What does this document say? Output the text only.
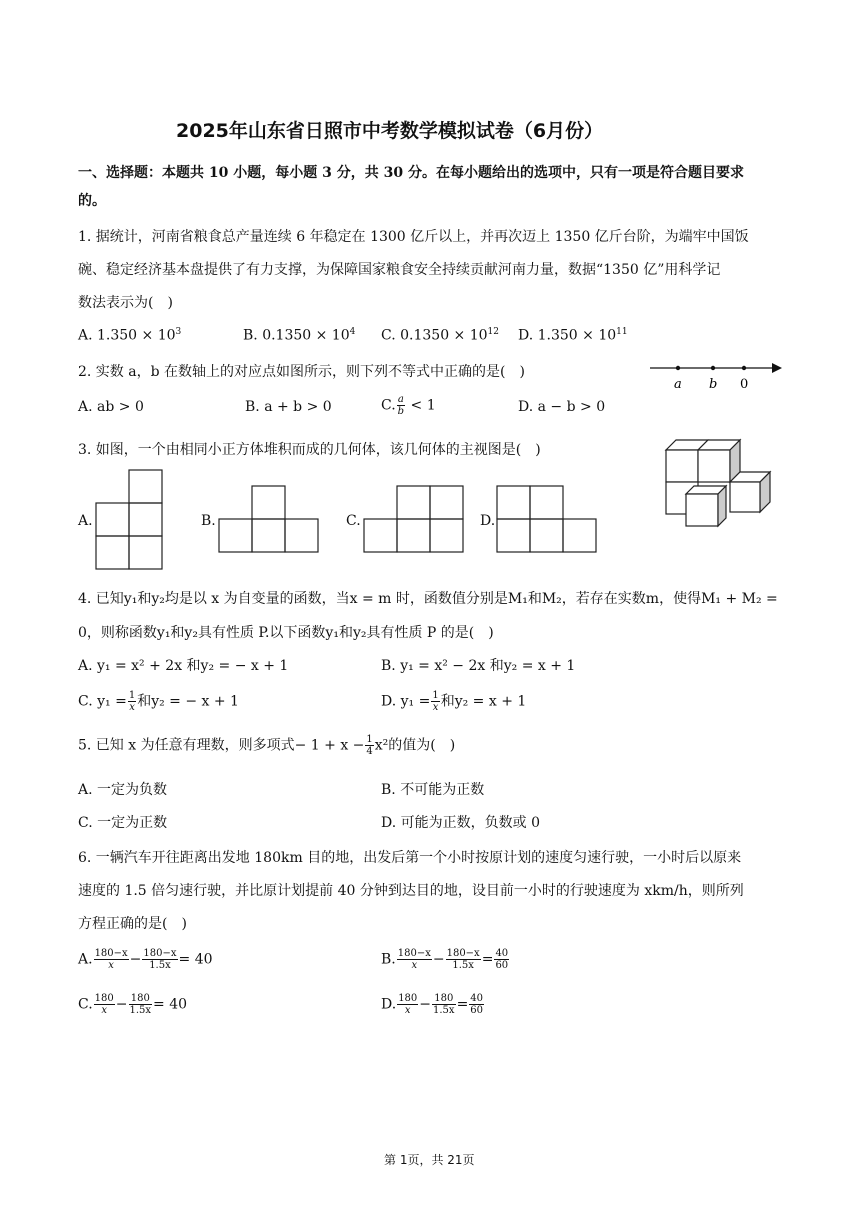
2025年山东省日照市中考数学模拟试卷（6月份）
一、选择题：本题共 10 小题，每小题 3 分，共 30 分。在每小题给出的选项中，只有一项是符合题目要求
的。
1. 据统计，河南省粮食总产量连续 6 年稳定在 1300 亿斤以上，并再次迈上 1350 亿斤台阶，为端牢中国饭
碗、稳定经济基本盘提供了有力支撑，为保障国家粮食安全持续贡献河南力量，数据“1350 亿”用科学记
数法表示为(　)
A. $1.350 \times 10^3$	B. $0.1350 \times 10^4$ C. $0.1350 \times 10^{12}$ D. $1.350 \times 10^{11}$
2. 实数 a，b 在数轴上的对应点如图所示，则下列不等式中正确的是(　)
a b 0
A. ab > 0	B. a + b > 0	C. $\frac{a}{b} < 1$	D. a − b > 0
3. 如图，一个由相同小正方体堆积而成的几何体，该几何体的主视图是(　)
A.	B.	C.	D.
4. 已知y₁和y₂均是以 x 为自变量的函数，当x = m 时，函数值分别是M₁和M₂，若存在实数m，使得M₁ + M₂ =
0，则称函数y₁和y₂具有性质 P.以下函数y₁和y₂具有性质 P 的是(　)
A. y₁ = x² + 2x 和y₂ = − x + 1	B. y₁ = x² − 2x 和y₂ = x + 1
C. $y_1 = \frac{1}{x}$ 和y₂ = − x + 1	D. $y_1 = \frac{1}{x}$ 和y₂ = x + 1
5. 已知 x 为任意有理数，则多项式− $1 + x - \frac{1}{4} x^2$的值为(　)
A. 一定为负数	B. 不可能为正数
C. 一定为正数	D. 可能为正数，负数或 0
6. 一辆汽车开往距离出发地 180km 目的地，出发后第一个小时按原计划的速度匀速行驶，一小时后以原来
速度的 1.5 倍匀速行驶，并比原计划提前 40 分钟到达目的地，设目前一小时的行驶速度为 xkm/h，则所列
方程正确的是(　)
A. $\frac{180-x}{x} - \frac{180-x}{1.5x} = 40$	B. $\frac{180-x}{x} - \frac{180-x}{1.5x} = \frac{40}{60}$
C. $\frac{180}{x} - \frac{180}{1.5x} = 40$	D. $\frac{180}{x} - \frac{180}{1.5x} = \frac{40}{60}$
第 1页，共 21页
